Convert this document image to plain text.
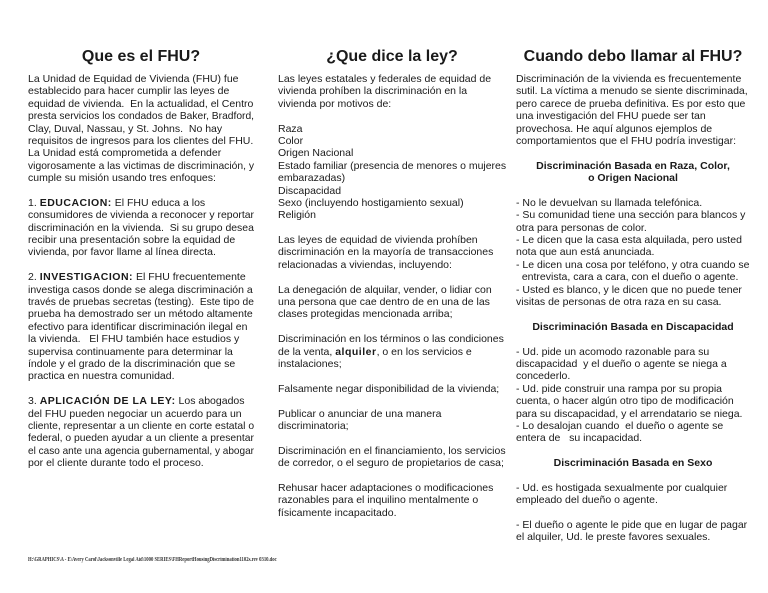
Que es el FHU?
La Unidad de Equidad de Vivienda (FHU) fue
establecido para hacer cumplir las leyes de
equidad de vivienda.  En la actualidad, el Centro
presta servicios los condados de Baker, Bradford,
Clay, Duval, Nassau, y St. Johns.  No hay
requisitos de ingresos para los clientes del FHU.
La Unidad está comprometida a defender
vigorosamente a las victimas de discriminación, y
cumple su misión usando tres enfoques:
1. EDUCACION: El FHU educa a los
consumidores de vivienda a reconocer y reportar
discriminación en la vivienda.  Si su grupo desea
recibir una presentación sobre la equidad de
vivienda, por favor llame al línea directa.
2. INVESTIGACION: El FHU frecuentemente
investiga casos donde se alega discriminación a
través de pruebas secretas (testing).  Este tipo de
prueba ha demostrado ser un método altamente
efectivo para identificar discriminación ilegal en
la vivienda.   El FHU también hace estudios y
supervisa continuamente para determinar la
índole y el grado de la discriminación que se
practica en nuestra comunidad.
3. APLICACIÓN DE LA LEY: Los abogados
del FHU pueden negociar un acuerdo para un
cliente, representar a un cliente en corte estatal o
federal, o pueden ayudar a un cliente a presentar
el caso ante una agencia gubernamental, y abogar
por el cliente durante todo el proceso.
¿Que dice la ley?
Las leyes estatales y federales de equidad de
vivienda prohíben la discriminación en la
vivienda por motivos de:
Raza
Color
Origen Nacional
Estado familiar (presencia de menores o mujeres
embarazadas)
Discapacidad
Sexo (incluyendo hostigamiento sexual)
Religión
Las leyes de equidad de vivienda prohíben
discriminación en la mayoría de transacciones
relacionadas a viviendas, incluyendo:
La denegación de alquilar, vender, o lidiar con
una persona que cae dentro de en una de las
clases protegidas mencionada arriba;
Discriminación en los términos o las condiciones
de la venta, alquiler, o en los servicios e
instalaciones;
Falsamente negar disponibilidad de la vivienda;
Publicar o anunciar de una manera
discriminatoria;
Discriminación en el financiamiento, los servicios
de corredor, o el seguro de propietarios de casa;
Rehusar hacer adaptaciones o modificaciones
razonables para el inquilino mentalmente o
físicamente incapacitado.
Cuando debo llamar al FHU?
Discriminación de la vivienda es frecuentemente
sutil. La víctima a menudo se siente discriminada,
pero carece de prueba definitiva. Es por esto que
una investigación del FHU puede ser tan
provechosa. He aquí algunos ejemplos de
comportamientos que el FHU podría investigar:
Discriminación Basada en Raza, Color,
o Origen Nacional
- No le devuelvan su llamada telefónica.
- Su comunidad tiene una sección para blancos y
otra para personas de color.
- Le dicen que la casa esta alquilada, pero usted
nota que aun está anunciada.
- Le dicen una cosa por teléfono, y otra cuando se
entrevista, cara a cara, con el dueño o agente.
- Usted es blanco, y le dicen que no puede tener
visitas de personas de otra raza en su casa.
Discriminación Basada en Discapacidad
- Ud. pide un acomodo razonable para su
discapacidad  y el dueño o agente se niega a
concederlo.
- Ud. pide construir una rampa por su propia
cuenta, o hacer algún otro tipo de modificación
para su discapacidad, y el arrendatario se niega.
- Lo desalojan cuando  el dueño o agente se
entera de   su incapacidad.
Discriminación Basada en Sexo
- Ud. es hostigada sexualmente por cualquier
empleado del dueño o agente.
- El dueño o agente le pide que en lugar de pagar
el alquiler, Ud. le preste favores sexuales.
H:\GRAPHICS\A - E\Avery Carol\Jacksonville Legal Aid\1000 SERIES\FHReportHousingDiscrimination1102s.rev 0310.doc
